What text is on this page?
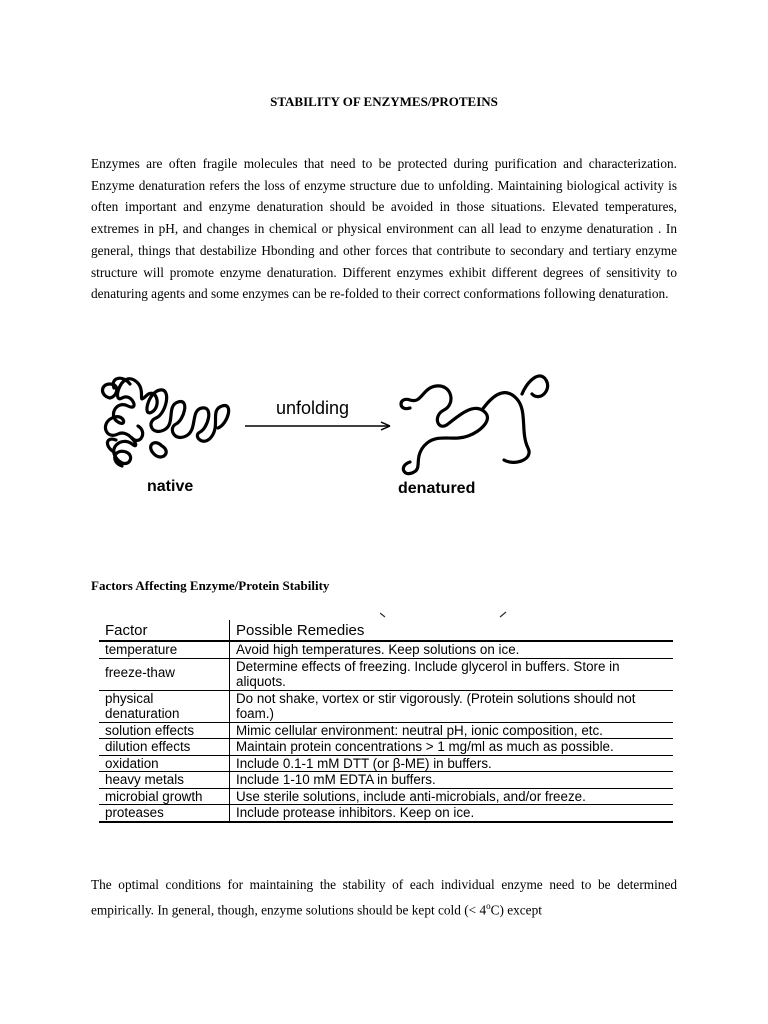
STABILITY OF ENZYMES/PROTEINS

Enzymes are often fragile molecules that need to be protected during purification and characterization. Enzyme denaturation refers the loss of enzyme structure due to unfolding. Maintaining biological activity is often important and enzyme denaturation should be avoided in those situations. Elevated temperatures, extremes in pH, and changes in chemical or physical environment can all lead to enzyme denaturation . In general, things that destabilize Hbonding and other forces that contribute to secondary and tertiary enzyme structure will promote enzyme denaturation. Different enzymes exhibit different degrees of sensitivity to denaturing agents and some enzymes can be re-folded to their correct conformations following denaturation.

native
unfolding
denatured
Factors Affecting Enzyme/Protein Stability
Factor	Possible Remedies
temperature	Avoid high temperatures. Keep solutions on ice.
freeze-thaw	Determine effects of freezing. Include glycerol in buffers. Store in aliquots.
physical denaturation	Do not shake, vortex or stir vigorously. (Protein solutions should not foam.)
solution effects	Mimic cellular environment: neutral pH, ionic composition, etc.
dilution effects	Maintain protein concentrations > 1 mg/ml as much as possible.
oxidation	Include 0.1-1 mM DTT (or β-ME) in buffers.
heavy metals	Include 1-10 mM EDTA in buffers.
microbial growth	Use sterile solutions, include anti-microbials, and/or freeze.
proteases	Include protease inhibitors. Keep on ice.

The optimal conditions for maintaining the stability of each individual enzyme need to be determined empirically. In general, though, enzyme solutions should be kept cold (< $4^oC$) except
